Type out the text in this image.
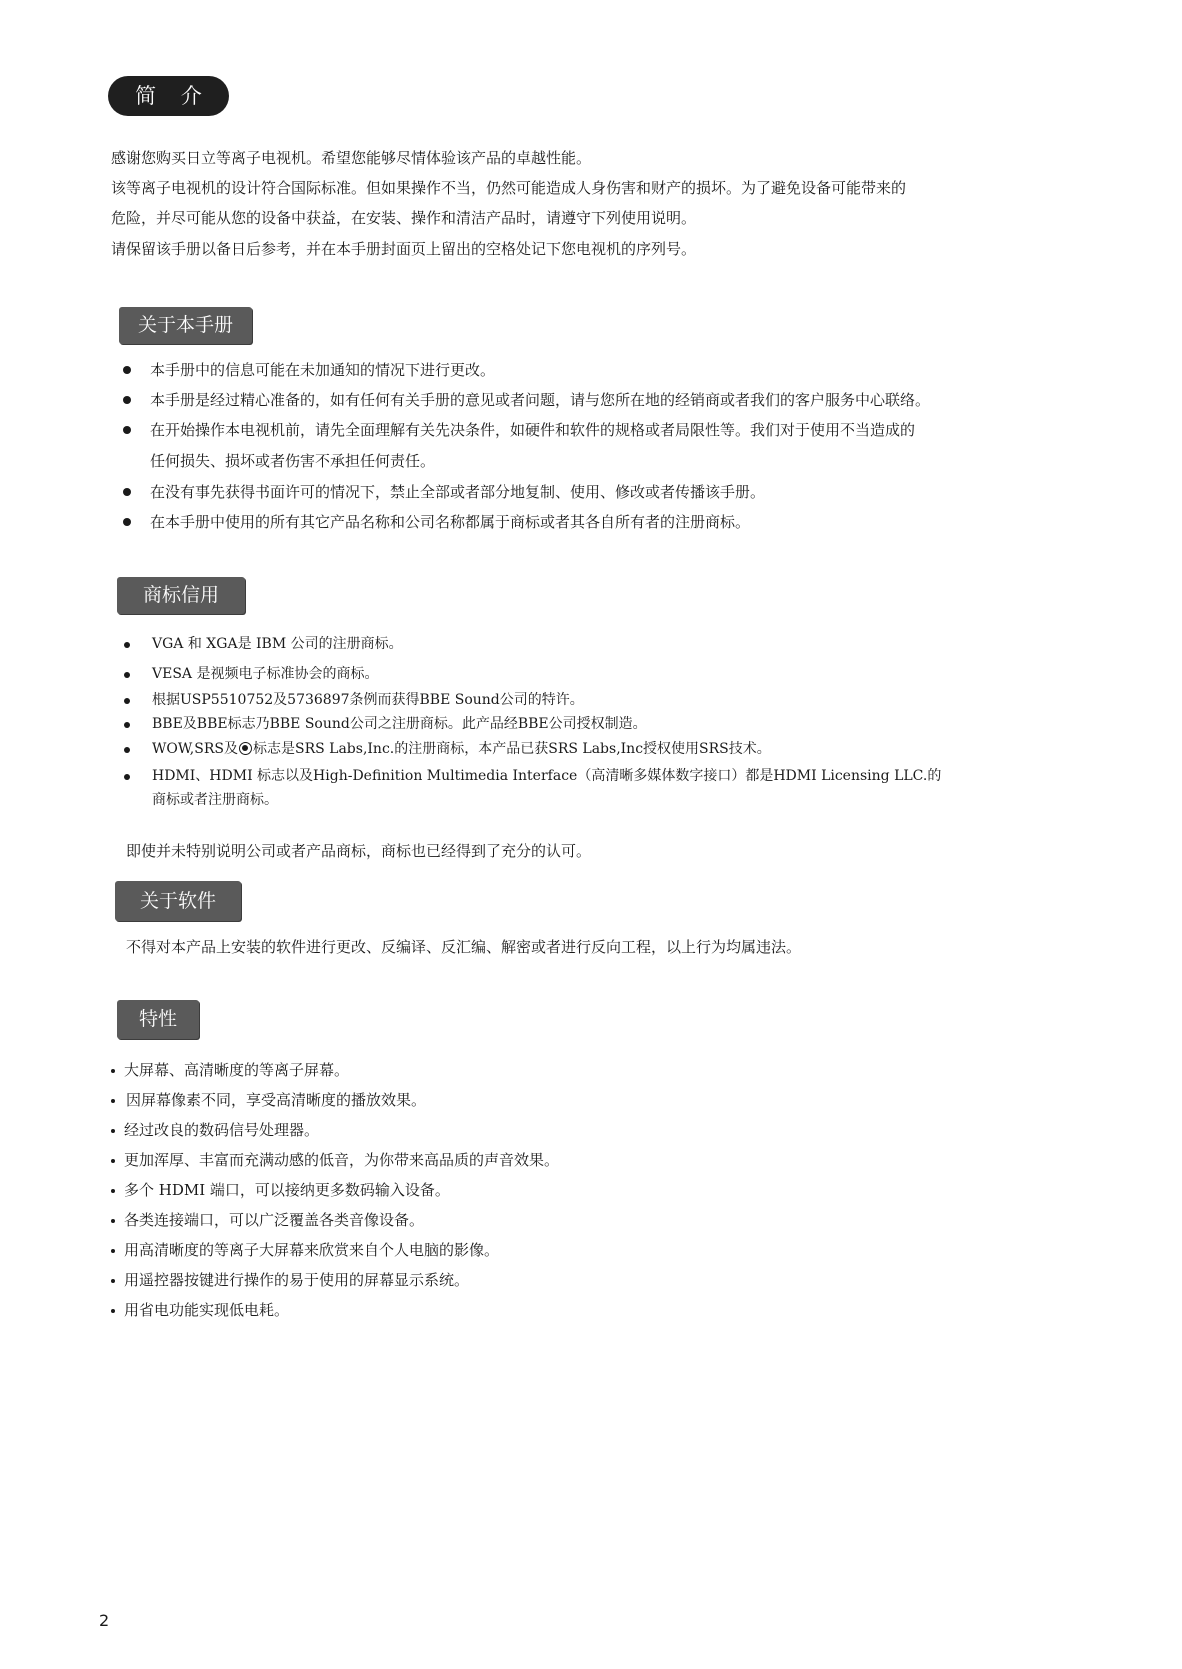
简 介
感谢您购买日立等离子电视机。希望您能够尽情体验该产品的卓越性能。
该等离子电视机的设计符合国际标准。但如果操作不当，仍然可能造成人身伤害和财产的损坏。为了避免设备可能带来的
危险，并尽可能从您的设备中获益，在安装、操作和清洁产品时，请遵守下列使用说明。
请保留该手册以备日后参考，并在本手册封面页上留出的空格处记下您电视机的序列号。
关于本手册
本手册中的信息可能在未加通知的情况下进行更改。
本手册是经过精心准备的，如有任何有关手册的意见或者问题，请与您所在地的经销商或者我们的客户服务中心联络。
在开始操作本电视机前，请先全面理解有关先决条件，如硬件和软件的规格或者局限性等。我们对于使用不当造成的
任何损失、损坏或者伤害不承担任何责任。
在没有事先获得书面许可的情况下，禁止全部或者部分地复制、使用、修改或者传播该手册。
在本手册中使用的所有其它产品名称和公司名称都属于商标或者其各自所有者的注册商标。
商标信用
VGA 和 XGA是 IBM 公司的注册商标。
VESA 是视频电子标准协会的商标。
根据USP5510752及5736897条例而获得BBE Sound公司的特许。
BBE及BBE标志乃BBE Sound公司之注册商标。此产品经BBE公司授权制造。
WOW,SRS及 标志是SRS Labs,Inc.的注册商标，本产品已获SRS Labs,Inc授权使用SRS技术。
HDMI、HDMI 标志以及High-Definition Multimedia Interface（高清晰多媒体数字接口）都是HDMI Licensing LLC.的
商标或者注册商标。
即使并未特别说明公司或者产品商标，商标也已经得到了充分的认可。
关于软件
不得对本产品上安装的软件进行更改、反编译、反汇编、解密或者进行反向工程，以上行为均属违法。
特性
大屏幕、高清晰度的等离子屏幕。
因屏幕像素不同，享受高清晰度的播放效果。
经过改良的数码信号处理器。
更加浑厚、丰富而充满动感的低音，为你带来高品质的声音效果。
多个 HDMI 端口，可以接纳更多数码输入设备。
各类连接端口，可以广泛覆盖各类音像设备。
用高清晰度的等离子大屏幕来欣赏来自个人电脑的影像。
用遥控器按键进行操作的易于使用的屏幕显示系统。
用省电功能实现低电耗。
2
